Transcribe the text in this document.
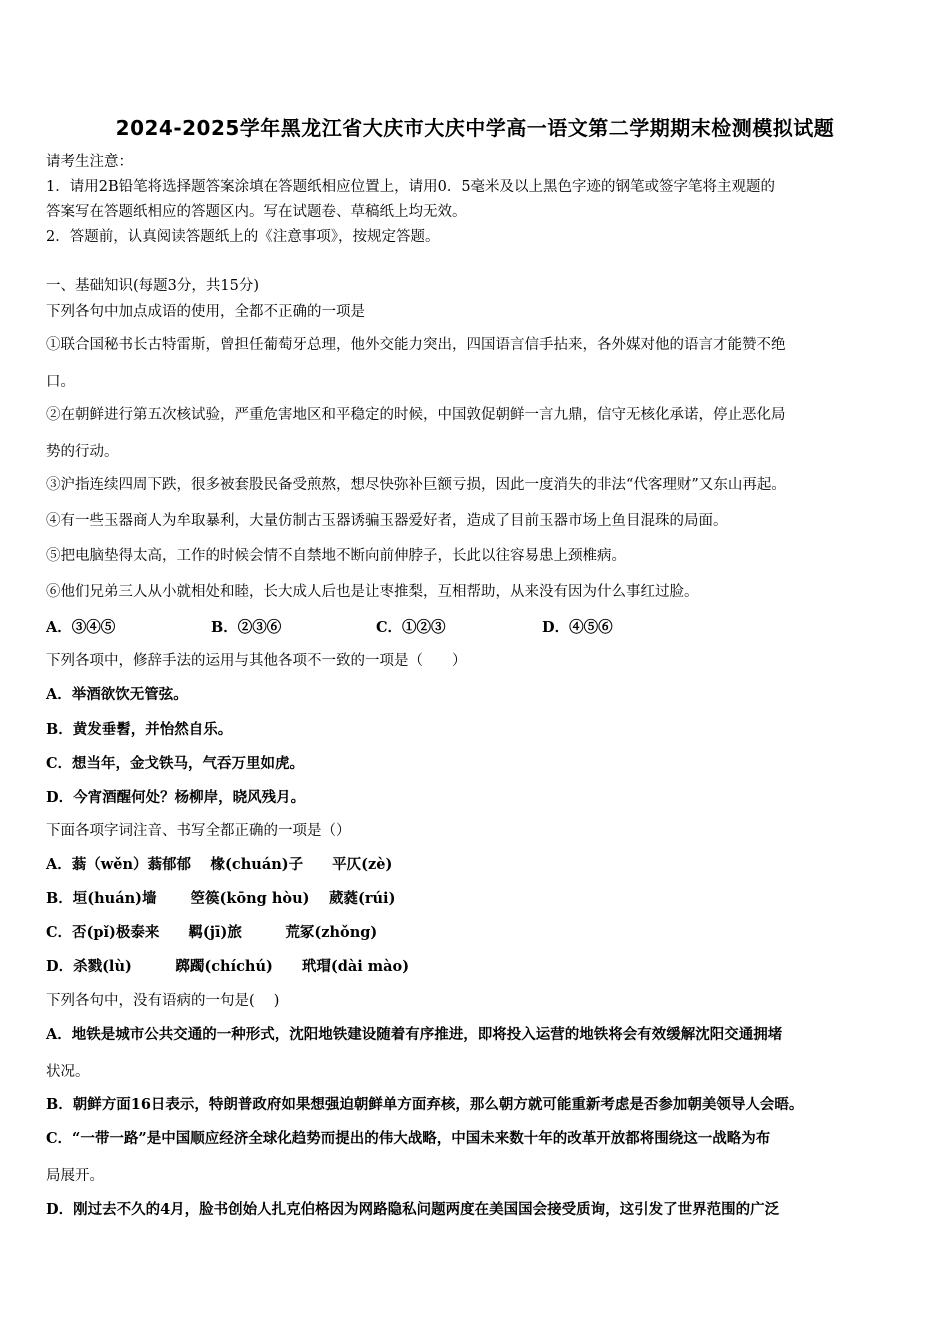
2024-2025学年黑龙江省大庆市大庆中学高一语文第二学期期末检测模拟试题
请考生注意：
1．请用2B铅笔将选择题答案涂填在答题纸相应位置上，请用0．5毫米及以上黑色字迹的钢笔或签字笔将主观题的
答案写在答题纸相应的答题区内。写在试题卷、草稿纸上均无效。
2．答题前，认真阅读答题纸上的《注意事项》，按规定答题。
一、基础知识(每题3分，共15分)
下列各句中加点成语的使用，全都不正确的一项是
①联合国秘书长古特雷斯，曾担任葡萄牙总理，他外交能力突出，四国语言信手拈来，各外媒对他的语言才能赞不绝
口。
②在朝鲜进行第五次核试验，严重危害地区和平稳定的时候，中国敦促朝鲜一言九鼎，信守无核化承诺，停止恶化局
势的行动。
③沪指连续四周下跌，很多被套股民备受煎熬，想尽快弥补巨额亏损，因此一度消失的非法“代客理财”又东山再起。
④有一些玉器商人为牟取暴利，大量仿制古玉器诱骗玉器爱好者，造成了目前玉器市场上鱼目混珠的局面。
⑤把电脑垫得太高，工作的时候会情不自禁地不断向前伸脖子，长此以往容易患上颈椎病。
⑥他们兄弟三人从小就相处和睦，长大成人后也是让枣推梨，互相帮助，从来没有因为什么事红过脸。
A．③④⑤	B．②③⑥	C．①②③	D．④⑤⑥
下列各项中，修辞手法的运用与其他各项不一致的一项是（　　）
A．举酒欲饮无管弦。
B．黄发垂髫，并怡然自乐。
C．想当年，金戈铁马，气吞万里如虎。
D．今宵酒醒何处？杨柳岸，晓风残月。
下面各项字词注音、书写全都正确的一项是（）
A．蓊（wěn）蓊郁郁　 椽(chuán)子　　平仄(zè)
B．垣(huán)墙　　 箜篌(kōng hòu)　 葳蕤(rúi)
C．否(pǐ)极泰来　　羁(jī)旅　　　荒冢(zhǒng)
D．杀戮(lù)　　　踯躅(chíchú)　　玳瑁(dài mào)
下列各句中，没有语病的一句是(　 )
A．地铁是城市公共交通的一种形式，沈阳地铁建设随着有序推进，即将投入运营的地铁将会有效缓解沈阳交通拥堵
状况。
B．朝鲜方面16日表示，特朗普政府如果想强迫朝鲜单方面弃核，那么朝方就可能重新考虑是否参加朝美领导人会晤。
C．“一带一路”是中国顺应经济全球化趋势而提出的伟大战略，中国未来数十年的改革开放都将围绕这一战略为布
局展开。
D．刚过去不久的4月，脸书创始人扎克伯格因为网路隐私问题两度在美国国会接受质询，这引发了世界范围的广泛
